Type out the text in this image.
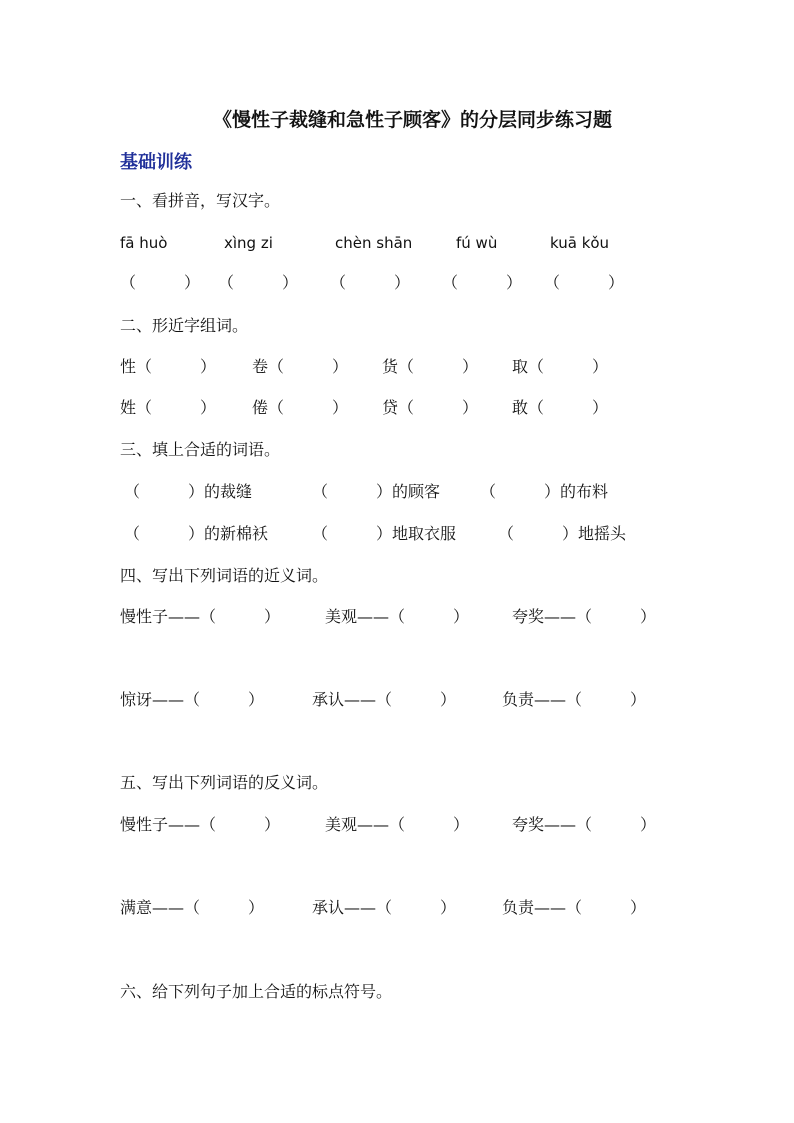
《慢性子裁缝和急性子顾客》的分层同步练习题
基础训练
一、看拼音，写汉字。
fā huò	xìng zi	chèn shān	fú wù	kuā kǒu
（　　　） （　　　） （　　　） （　　　） （　　　）
二、形近字组词。
性（　　　） 卷（　　　） 货（　　　） 取（　　　）
姓（　　　） 倦（　　　） 贷（　　　） 敢（　　　）
三、填上合适的词语。
（　　　）的裁缝	（　　　）的顾客 （　　　）的布料
（　　　）的新棉袄	（　　　）地取衣服	（　　　）地摇头
四、写出下列词语的近义词。
慢性子——（　　　）	美观——（　　　）	夸奖——（　　　）
惊讶——（　　　）	承认——（　　　）	负责——（　　　）
五、写出下列词语的反义词。
慢性子——（　　　）	美观——（　　　）	夸奖——（　　　）
满意——（　　　）	承认——（　　　）	负责——（　　　）
六、给下列句子加上合适的标点符号。
